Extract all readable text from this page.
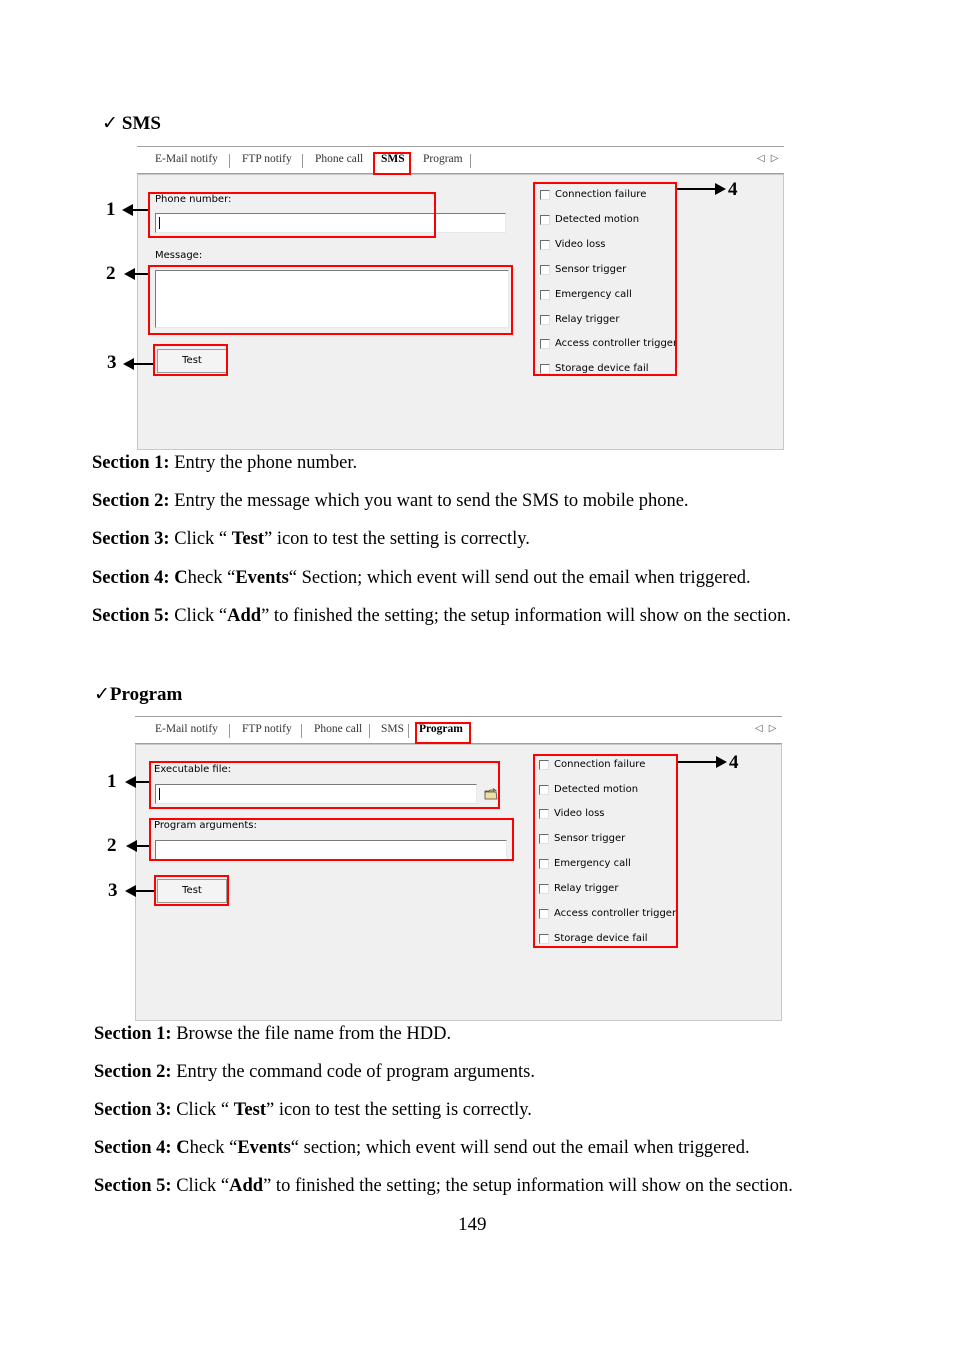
✓ SMS
E-Mail notify FTP notify Phone call SMS Program	◁▷
Phone number:
Message:
Test
Connection failure
Detected motion
Video loss
Sensor trigger
Emergency call
Relay trigger
Access controller trigger
Storage device fail
1
2
3
4
Section 1: Entry the phone number.
Section 2: Entry the message which you want to send the SMS to mobile phone.
Section 3: Click “ Test” icon to test the setting is correctly.
Section 4: Check “Events“ Section; which event will send out the email when triggered.
Section 5: Click “Add” to finished the setting; the setup information will show on the section.
✓Program
E-Mail notify FTP notify Phone call SMS Program	◁▷
Executable file:
Program arguments:
Test
Connection failure
Detected motion
Video loss
Sensor trigger
Emergency call
Relay trigger
Access controller trigger
Storage device fail
1
2
3
4
Section 1: Browse the file name from the HDD.
Section 2: Entry the command code of program arguments.
Section 3: Click “ Test” icon to test the setting is correctly.
Section 4: Check “Events“ section; which event will send out the email when triggered.
Section 5: Click “Add” to finished the setting; the setup information will show on the section.
149
